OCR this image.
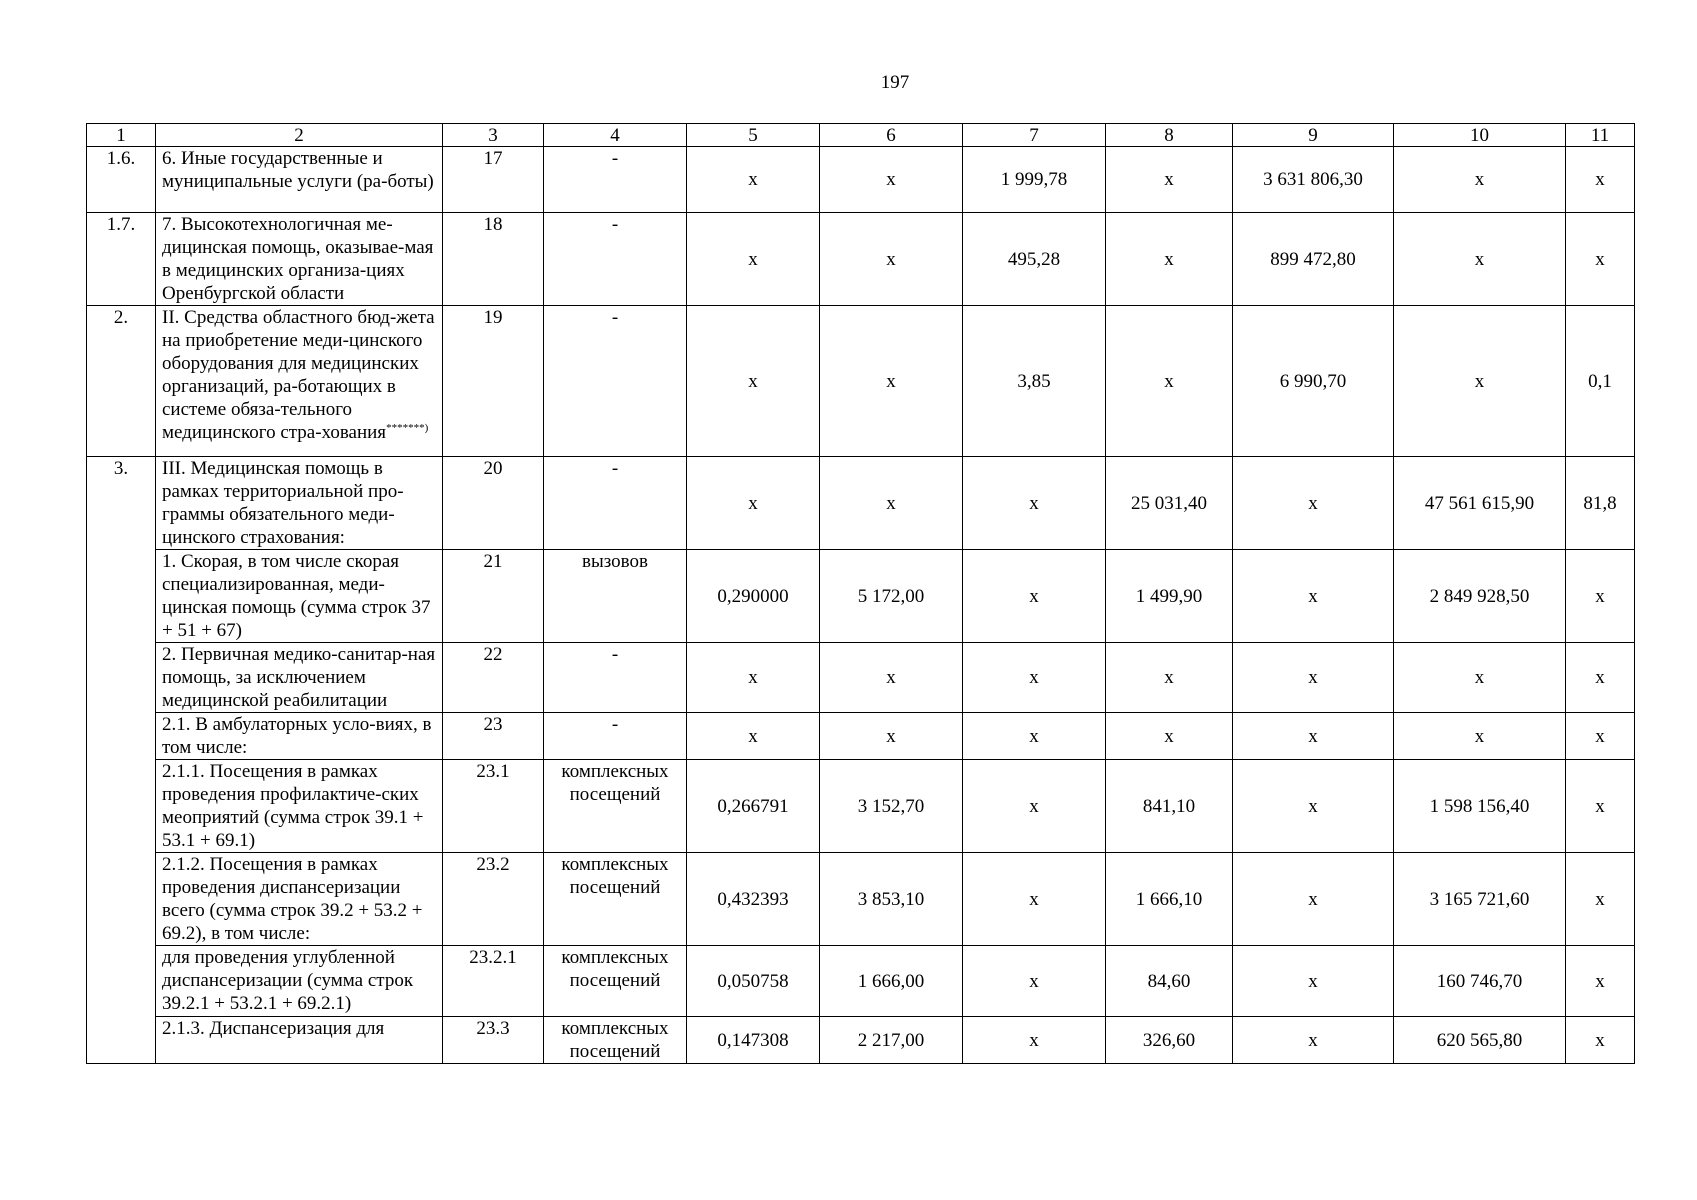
197
1	2	3	4	5	6	7	8	9	10	11
1.6.	6. Иные государственные и муниципальные услуги (ра-боты)	17	-	х	х	1 999,78	х	3 631 806,30	х	х
1.7.	7. Высокотехнологичная ме-дицинская помощь, оказывае-мая в медицинских организа-циях Оренбургской области	18	-	х	х	495,28	х	899 472,80	х	х
2.	II. Средства областного бюд-жета на приобретение меди-цинского оборудования для медицинских организаций, ра-ботающих в системе обяза-тельного медицинского стра-хования*******)	19	-	х	х	3,85	х	6 990,70	х	0,1
3.	III. Медицинская помощь в рамках территориальной про-граммы обязательного меди-цинского страхования:	20	-	х	х	х	25 031,40	х	47 561 615,90	81,8
	1. Скорая, в том числе скорая специализированная, меди-цинская помощь (сумма строк 37 + 51 + 67)	21	вызовов	0,290000	5 172,00	х	1 499,90	х	2 849 928,50	х
	2. Первичная медико-санитар-ная помощь, за исключением медицинской реабилитации	22	-	х	х	х	х	х	х	х
	2.1. В амбулаторных усло-виях, в том числе:	23	-	х	х	х	х	х	х	х
	2.1.1. Посещения в рамках проведения профилактиче-ских меоприятий (сумма строк 39.1 + 53.1 + 69.1)	23.1	комплексных посещений	0,266791	3 152,70	х	841,10	х	1 598 156,40	х
	2.1.2. Посещения в рамках проведения диспансеризации всего (сумма строк 39.2 + 53.2 + 69.2), в том числе:	23.2	комплексных посещений	0,432393	3 853,10	х	1 666,10	х	3 165 721,60	х
	для проведения углубленной диспансеризации (сумма строк 39.2.1 + 53.2.1 + 69.2.1)	23.2.1	комплексных посещений	0,050758	1 666,00	х	84,60	х	160 746,70	х
	2.1.3. Диспансеризация для	23.3	комплексных посещений	0,147308	2 217,00	х	326,60	х	620 565,80	х
